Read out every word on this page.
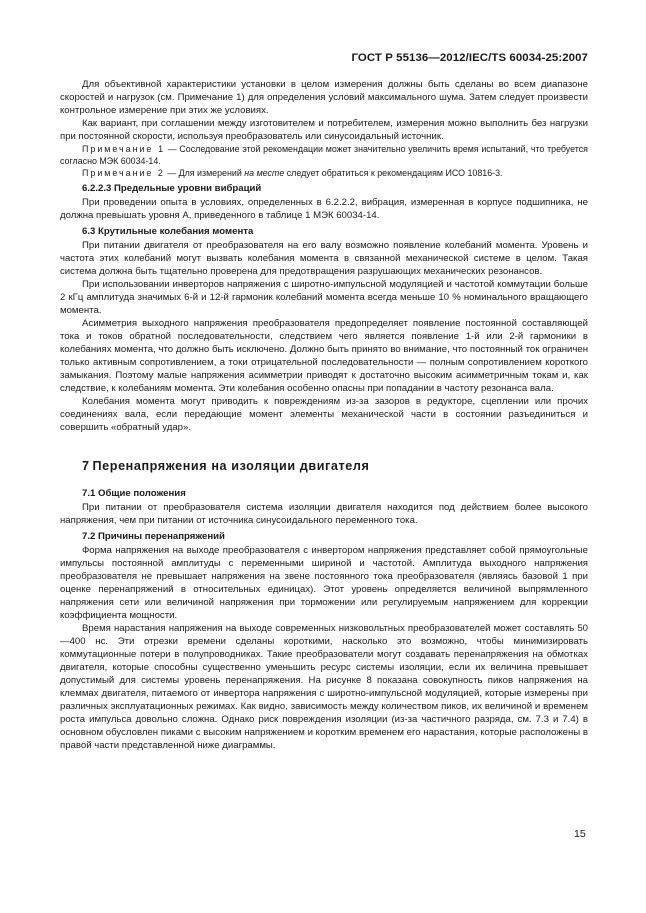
ГОСТ Р 55136—2012/IEC/TS 60034-25:2007

Для объективной характеристики установки в целом измерения должны быть сделаны во всем диапазоне скоростей и нагрузок (см. Примечание 1) для определения условий максимального шума. Затем следует произвести контрольное измерение при этих же условиях.

Как вариант, при соглашении между изготовителем и потребителем, измерения можно выполнить без нагрузки при постоянной скорости, используя преобразователь или синусоидальный источник.

Примечание 1 — Соследование этой рекомендации может значительно увеличить время испытаний, что требуется согласно МЭК 60034-14.

Примечание 2 — Для измерений на месте следует обратиться к рекомендациям ИСО 10816-3.

6.2.2.3 Предельные уровни вибраций

При проведении опыта в условиях, определенных в 6.2.2.2, вибрация, измеренная в корпусе подшипника, не должна превышать уровня А, приведенного в таблице 1 МЭК 60034-14.

6.3 Крутильные колебания момента

При питании двигателя от преобразователя на его валу возможно появление колебаний момента. Уровень и частота этих колебаний могут вызвать колебания момента в связанной механической системе в целом. Такая система должна быть тщательно проверена для предотвращения разрушающих механических резонансов.

При использовании инверторов напряжения с широтно-импульсной модуляцией и частотой коммутации больше 2 кГц амплитуда значимых 6-й и 12-й гармоник колебаний момента всегда меньше 10 % номинального вращающего момента.

Асимметрия выходного напряжения преобразователя предопределяет появление постоянной составляющей тока и токов обратной последовательности, следствием чего является появление 1-й или 2-й гармоники в колебаниях момента, что должно быть исключено. Должно быть принято во внимание, что постоянный ток ограничен только активным сопротивлением, а токи отрицательной последовательности — полным сопротивлением короткого замыкания. Поэтому малые напряжения асимметрии приводят к достаточно высоким асимметричным токам и, как следствие, к колебаниям момента. Эти колебания особенно опасны при попадании в частоту резонанса вала.

Колебания момента могут приводить к повреждениям из-за зазоров в редукторе, сцеплении или прочих соединениях вала, если передающие момент элементы механической части в состоянии разъединиться и совершить «обратный удар».

7 Перенапряжения на изоляции двигателя

7.1 Общие положения

При питании от преобразователя система изоляции двигателя находится под действием более высокого напряжения, чем при питании от источника синусоидального переменного тока.

7.2 Причины перенапряжений

Форма напряжения на выходе преобразователя с инвертором напряжения представляет собой прямоугольные импульсы постоянной амплитуды с переменными шириной и частотой. Амплитуда выходного напряжения преобразователя не превышает напряжения на звене постоянного тока преобразователя (являясь базовой 1 при оценке перенапряжений в относительных единицах). Этот уровень определяется величиной выпрямленного напряжения сети или величиной напряжения при торможении или регулируемым напряжением для коррекции коэффициента мощности.

Время нарастания напряжения на выходе современных низковольтных преобразователей может составлять 50—400 нс. Эти отрезки времени сделаны короткими, насколько это возможно, чтобы минимизировать коммутационные потери в полупроводниках. Такие преобразователи могут создавать перенапряжения на обмотках двигателя, которые способны существенно уменьшить ресурс системы изоляции, если их величина превышает допустимый для системы уровень перенапряжения. На рисунке 8 показана совокупность пиков напряжения на клеммах двигателя, питаемого от инвертора напряжения с широтно-импульсной модуляцией, которые измерены при различных эксплуатационных режимах. Как видно, зависимость между количеством пиков, их величиной и временем роста импульса довольно сложна. Однако риск повреждения изоляции (из-за частичного разряда, см. 7.3 и 7.4) в основном обусловлен пиками с высоким напряжением и коротким временем его нарастания, которые расположены в правой части представленной ниже диаграммы.

15
